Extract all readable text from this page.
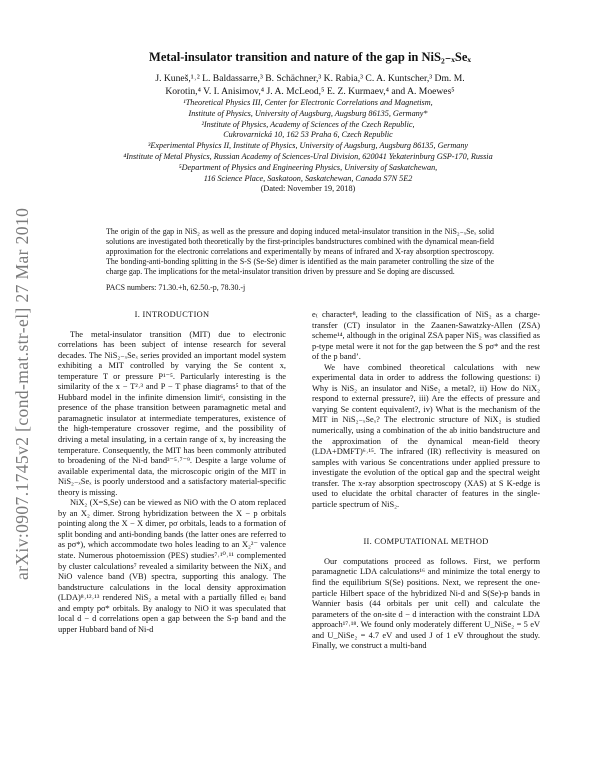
arXiv:0907.1745v2 [cond-mat.str-el] 27 Mar 2010
Metal-insulator transition and nature of the gap in NiS₂₋ₓSeₓ
J. Kuneš,¹˒² L. Baldassarre,³ B. Schächner,³ K. Rabia,³ C. A. Kuntscher,³ Dm. M.
Korotin,⁴ V. I. Anisimov,⁴ J. A. McLeod,⁵ E. Z. Kurmaev,⁴ and A. Moewes⁵
¹Theoretical Physics III, Center for Electronic Correlations and Magnetism,
Institute of Physics, University of Augsburg, Augsburg 86135, Germany*
²Institute of Physics, Academy of Sciences of the Czech Republic,
Cukrovarnická 10, 162 53 Praha 6, Czech Republic
³Experimental Physics II, Institute of Physics, University of Augsburg, Augsburg 86135, Germany
⁴Institute of Metal Physics, Russian Academy of Sciences-Ural Division, 620041 Yekaterinburg GSP-170, Russia
⁵Department of Physics and Engineering Physics, University of Saskatchewan,
116 Science Place, Saskatoon, Saskatchewan, Canada S7N 5E2
(Dated: November 19, 2018)
The origin of the gap in NiS₂ as well as the pressure and doping induced metal-insulator transition in the NiS₂₋ₓSeₓ solid solutions are investigated both theoretically by the first-principles bandstructures combined with the dynamical mean-field approximation for the electronic correlations and experimentally by means of infrared and X-ray absorption spectroscopy. The bonding-anti-bonding splitting in the S-S (Se-Se) dimer is identified as the main parameter controlling the size of the charge gap. The implications for the metal-insulator transition driven by pressure and Se doping are discussed.
PACS numbers: 71.30.+h, 62.50.-p, 78.30.-j
I. INTRODUCTION

The metal-insulator transition (MIT) due to electronic correlations has been subject of intense research for several decades. The NiS₂₋ₓSeₓ series provided an important model system exhibiting a MIT controlled by varying the Se content x, temperature T or pressure P¹⁻⁵. Particularly interesting is the similarity of the x − T²˒³ and P − T phase diagrams⁵ to that of the Hubbard model in the infinite dimension limit⁶, consisting in the presence of the phase transition between paramagnetic metal and paramagnetic insulator at intermediate temperatures, existence of the high-temperature crossover regime, and the possibility of driving a metal insulating, in a certain range of x, by increasing the temperature. Consequently, the MIT has been commonly attributed to broadening of the Ni-d band³⁻⁵˒⁷⁻⁹. Despite a large volume of available experimental data, the microscopic origin of the MIT in NiS₂₋ₓSeₓ is poorly understood and a satisfactory material-specific theory is missing.

NiX₂ (X=S,Se) can be viewed as NiO with the O atom replaced by an X₂ dimer. Strong hybridization between the X − p orbitals pointing along the X − X dimer, pσ orbitals, leads to a formation of split bonding and anti-bonding bands (the latter ones are referred to as pσ*), which accommodate two holes leading to an X₂²⁻ valence state. Numerous photoemission (PES) studies⁷˒¹⁰˒¹¹ complemented by cluster calculations⁷ revealed a similarity between the NiX₂ and NiO valence band (VB) spectra, supporting this analogy. The bandstructure calculations in the local density approximation (LDA)⁸˒¹²˒¹³ rendered NiS₂ a metal with a partially filled e₍ band and empty pσ* orbitals. By analogy to NiO it was speculated that local d − d correlations open a gap between the S-p band and the upper Hubbard band of Ni-d

e₍ character⁸, leading to the classification of NiS₂ as a charge-transfer (CT) insulator in the Zaanen-Sawatzky-Allen (ZSA) scheme¹⁴, although in the original ZSA paper NiS₂ was classified as p-type metal were it not for the gap between the S pσ* and the rest of the p band’.

We have combined theoretical calculations with new experimental data in order to address the following questions: i) Why is NiS₂ an insulator and NiSe₂ a metal?, ii) How do NiX₂ respond to external pressure?, iii) Are the effects of pressure and varying Se content equivalent?, iv) What is the mechanism of the MIT in NiS₂₋ₓSeₓ? The electronic structure of NiX₂ is studied numerically, using a combination of the ab initio bandstructure and the approximation of the dynamical mean-field theory (LDA+DMFT)⁶˒¹⁵. The infrared (IR) reflectivity is measured on samples with various Se concentrations under applied pressure to investigate the evolution of the optical gap and the spectral weight transfer. The x-ray absorption spectroscopy (XAS) at S K-edge is used to elucidate the orbital character of features in the single-particle spectrum of NiS₂.

II. COMPUTATIONAL METHOD

Our computations proceed as follows. First, we perform paramagnetic LDA calculations¹⁶ and minimize the total energy to find the equilibrium S(Se) positions. Next, we represent the one-particle Hilbert space of the hybridized Ni-d and S(Se)-p bands in Wannier basis (44 orbitals per unit cell) and calculate the parameters of the on-site d − d interaction with the constraint LDA approach¹⁷˒¹⁸. We found only moderately different U_NiSe₂ = 5 eV and U_NiSe₂ = 4.7 eV and used J of 1 eV throughout the study. Finally, we construct a multi-band
